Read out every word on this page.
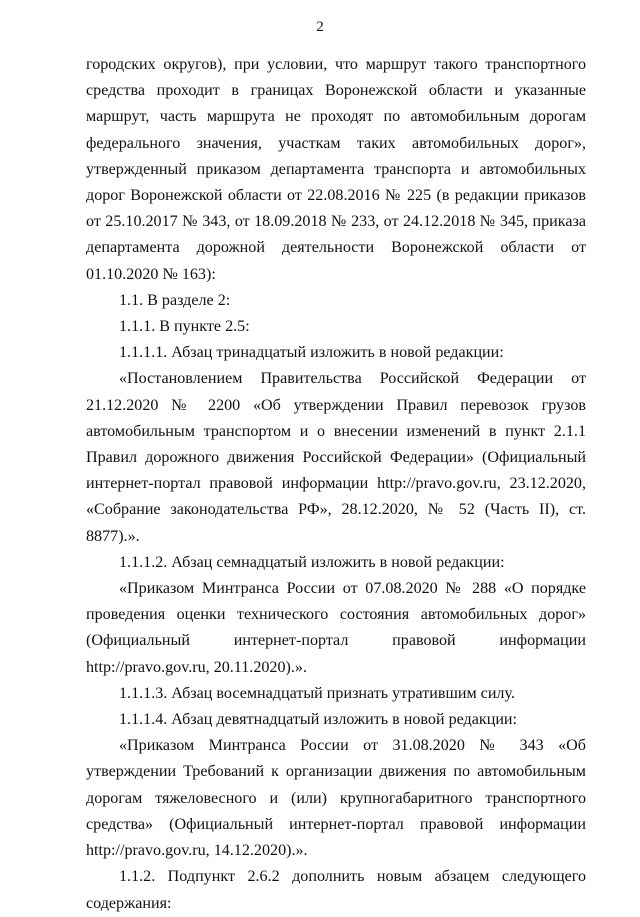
2

городских округов), при условии, что маршрут такого транспортного средства проходит в границах Воронежской области и указанные маршрут, часть маршрута не проходят по автомобильным дорогам федерального значения, участкам таких автомобильных дорог», утвержденный приказом департамента транспорта и автомобильных дорог Воронежской области от 22.08.2016 № 225 (в редакции приказов от 25.10.2017 № 343, от 18.09.2018 № 233, от 24.12.2018 № 345, приказа департамента дорожной деятельности Воронежской области от 01.10.2020 № 163):

1.1. В разделе 2:

1.1.1. В пункте 2.5:

1.1.1.1. Абзац тринадцатый изложить в новой редакции:

«Постановлением Правительства Российской Федерации от 21.12.2020 № 2200 «Об утверждении Правил перевозок грузов автомобильным транспортом и о внесении изменений в пункт 2.1.1 Правил дорожного движения Российской Федерации» (Официальный интернет-портал правовой информации http://pravo.gov.ru, 23.12.2020, «Собрание законодательства РФ», 28.12.2020, № 52 (Часть II), ст. 8877).».

1.1.1.2. Абзац семнадцатый изложить в новой редакции:

«Приказом Минтранса России от 07.08.2020 № 288 «О порядке проведения оценки технического состояния автомобильных дорог» (Официальный интернет-портал правовой информации http://pravo.gov.ru, 20.11.2020).».

1.1.1.3. Абзац восемнадцатый признать утратившим силу.

1.1.1.4. Абзац девятнадцатый изложить в новой редакции:

«Приказом Минтранса России от 31.08.2020 № 343 «Об утверждении Требований к организации движения по автомобильным дорогам тяжеловесного и (или) крупногабаритного транспортного средства» (Официальный интернет-портал правовой информации http://pravo.gov.ru, 14.12.2020).».

1.1.2. Подпункт 2.6.2 дополнить новым абзацем следующего содержания:
